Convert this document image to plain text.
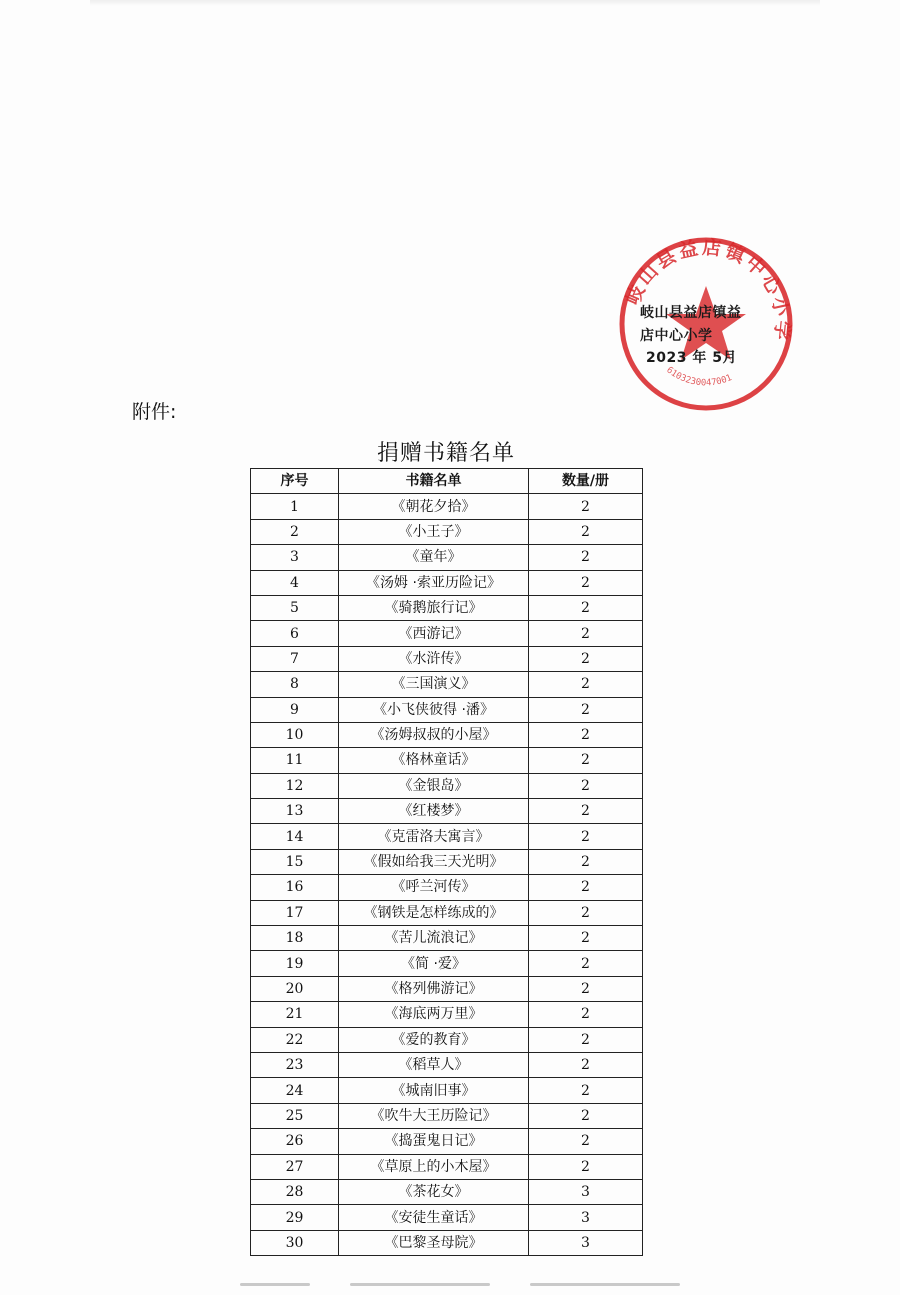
岐山县益店镇中心小学
6103230047001
岐山县益店镇益
店中心小学
2023 年 5月
附件:
捐赠书籍名单
序号	书籍名单	数量/册
1	《朝花夕拾》	2
2	《小王子》	2
3	《童年》	2
4	《汤姆 ·索亚历险记》	2
5	《骑鹅旅行记》	2
6	《西游记》	2
7	《水浒传》	2
8	《三国演义》	2
9	《小飞侠彼得 ·潘》	2
10	《汤姆叔叔的小屋》	2
11	《格林童话》	2
12	《金银岛》	2
13	《红楼梦》	2
14	《克雷洛夫寓言》	2
15	《假如给我三天光明》	2
16	《呼兰河传》	2
17	《钢铁是怎样练成的》	2
18	《苦儿流浪记》	2
19	《简 ·爱》	2
20	《格列佛游记》	2
21	《海底两万里》	2
22	《爱的教育》	2
23	《稻草人》	2
24	《城南旧事》	2
25	《吹牛大王历险记》	2
26	《捣蛋鬼日记》	2
27	《草原上的小木屋》	2
28	《茶花女》	3
29	《安徒生童话》	3
30	《巴黎圣母院》	3
